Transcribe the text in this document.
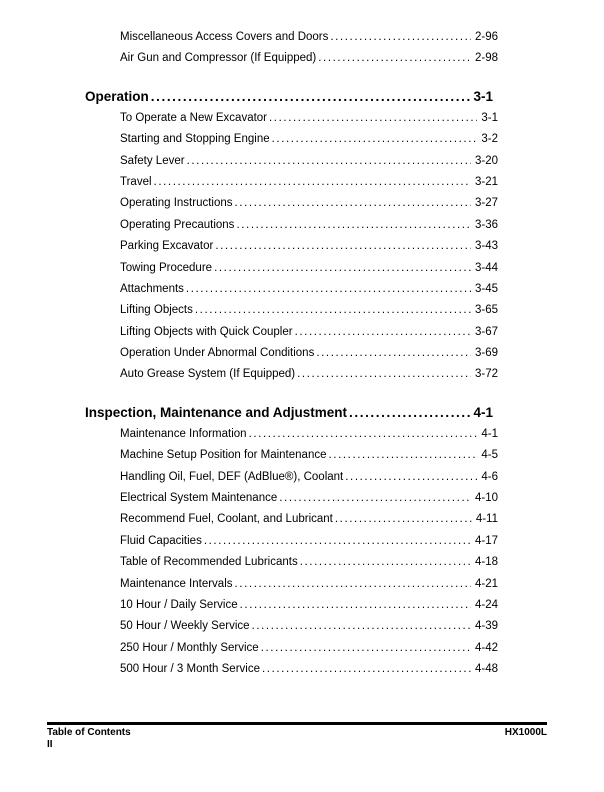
Miscellaneous Access Covers and Doors .....	2-96
Air Gun and Compressor (If Equipped) .....	2-98
Operation .....	3-1
To Operate a New Excavator .....	3-1
Starting and Stopping Engine .....	3-2
Safety Lever .....	3-20
Travel .....	3-21
Operating Instructions .....	3-27
Operating Precautions .....	3-36
Parking Excavator .....	3-43
Towing Procedure .....	3-44
Attachments .....	3-45
Lifting Objects .....	3-65
Lifting Objects with Quick Coupler .....	3-67
Operation Under Abnormal Conditions .....	3-69
Auto Grease System (If Equipped) .....	3-72
Inspection, Maintenance and Adjustment .....	4-1
Maintenance Information .....	4-1
Machine Setup Position for Maintenance .....	4-5
Handling Oil, Fuel, DEF (AdBlue®), Coolant .....	4-6
Electrical System Maintenance .....	4-10
Recommend Fuel, Coolant, and Lubricant .....	4-11
Fluid Capacities .....	4-17
Table of Recommended Lubricants .....	4-18
Maintenance Intervals .....	4-21
10 Hour / Daily Service .....	4-24
50 Hour / Weekly Service .....	4-39
250 Hour / Monthly Service .....	4-42
500 Hour / 3 Month Service .....	4-48
Table of Contents	HX1000L
II
